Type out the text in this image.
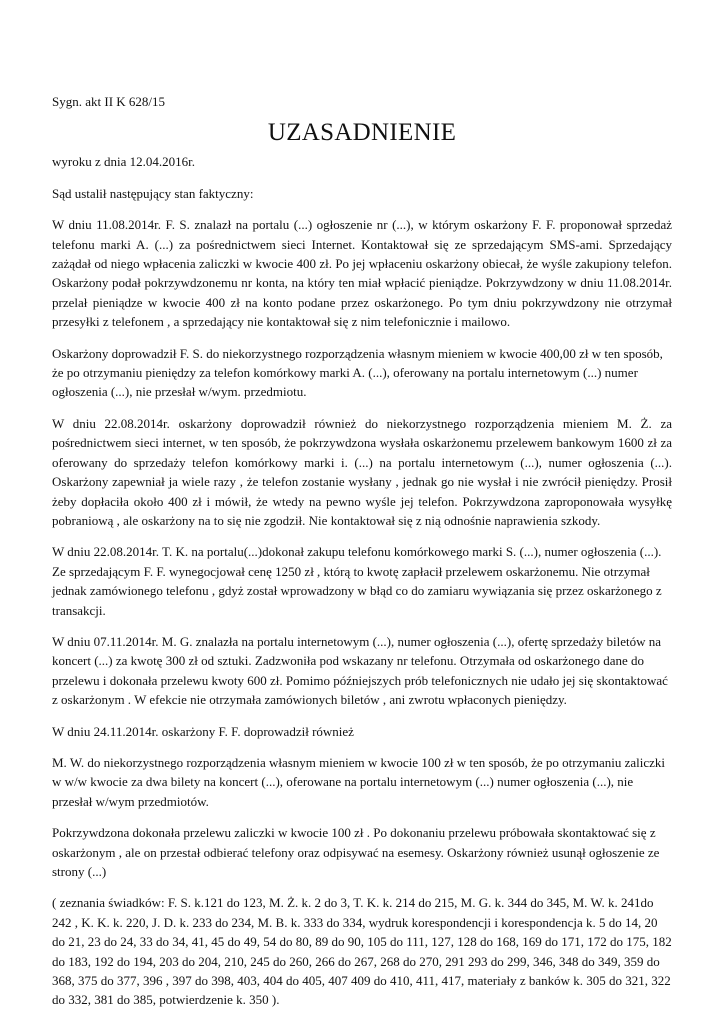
Sygn. akt II K 628/15
UZASADNIENIE
wyroku z dnia 12.04.2016r.

Sąd ustalił następujący stan faktyczny:

W dniu 11.08.2014r. F. S. znalazł na portalu (...) ogłoszenie nr (...), w którym oskarżony F. F. proponował sprzedaż telefonu marki A. (...) za pośrednictwem sieci Internet. Kontaktował się ze sprzedającym SMS-ami. Sprzedający zażądał od niego wpłacenia zaliczki w kwocie 400 zł. Po jej wpłaceniu oskarżony obiecał, że wyśle zakupiony telefon. Oskarżony podał pokrzywdzonemu nr konta, na który ten miał wpłacić pieniądze. Pokrzywdzony w dniu 11.08.2014r. przelał pieniądze w kwocie 400 zł na konto podane przez oskarżonego. Po tym dniu pokrzywdzony nie otrzymał przesyłki z telefonem , a sprzedający nie kontaktował się z nim telefonicznie i mailowo.

Oskarżony doprowadził F. S. do niekorzystnego rozporządzenia własnym mieniem w kwocie 400,00 zł w ten sposób, że po otrzymaniu pieniędzy za telefon komórkowy marki A. (...), oferowany na portalu internetowym (...) numer ogłoszenia (...), nie przesłał w/wym. przedmiotu.

W dniu 22.08.2014r. oskarżony doprowadził również do niekorzystnego rozporządzenia mieniem M. Ż. za pośrednictwem sieci internet, w ten sposób, że pokrzywdzona wysłała oskarżonemu przelewem bankowym 1600 zł za oferowany do sprzedaży telefon komórkowy marki i. (...) na portalu internetowym (...), numer ogłoszenia (...). Oskarżony zapewniał ja wiele razy , że telefon zostanie wysłany , jednak go nie wysłał i nie zwrócił pieniędzy. Prosił żeby dopłaciła około 400 zł i mówił, że wtedy na pewno wyśle jej telefon. Pokrzywdzona zaproponowała wysyłkę pobraniową , ale oskarżony na to się nie zgodził. Nie kontaktował się z nią odnośnie naprawienia szkody.

W dniu 22.08.2014r. T. K. na portalu(...)dokonał zakupu telefonu komórkowego marki S. (...), numer ogłoszenia (...). Ze sprzedającym F. F. wynegocjował cenę 1250 zł , którą to kwotę zapłacił przelewem oskarżonemu. Nie otrzymał jednak zamówionego telefonu , gdyż został wprowadzony w błąd co do zamiaru wywiązania się przez oskarżonego z transakcji.

W dniu 07.11.2014r. M. G. znalazła na portalu internetowym (...), numer ogłoszenia (...), ofertę sprzedaży biletów na koncert (...) za kwotę 300 zł od sztuki. Zadzwoniła pod wskazany nr telefonu. Otrzymała od oskarżonego dane do przelewu i dokonała przelewu kwoty 600 zł. Pomimo późniejszych prób telefonicznych nie udało jej się skontaktować z oskarżonym . W efekcie nie otrzymała zamówionych biletów , ani zwrotu wpłaconych pieniędzy.

W dniu 24.11.2014r. oskarżony F. F. doprowadził również

M. W. do niekorzystnego rozporządzenia własnym mieniem w kwocie 100 zł w ten sposób, że po otrzymaniu zaliczki w w/w kwocie za dwa bilety na koncert (...), oferowane na portalu internetowym (...) numer ogłoszenia (...), nie przesłał w/wym przedmiotów.

Pokrzywdzona dokonała przelewu zaliczki w kwocie 100 zł . Po dokonaniu przelewu próbowała skontaktować się z oskarżonym , ale on przestał odbierać telefony oraz odpisywać na esemesy. Oskarżony również usunął ogłoszenie ze strony (...)

( zeznania świadków: F. S. k.121 do 123, M. Ż. k. 2 do 3, T. K. k. 214 do 215, M. G. k. 344 do 345, M. W. k. 241do 242 , K. K. k. 220, J. D. k. 233 do 234, M. B. k. 333 do 334, wydruk korespondencji i korespondencja k. 5 do 14, 20 do 21, 23 do 24, 33 do 34, 41, 45 do 49, 54 do 80, 89 do 90, 105 do 111, 127, 128 do 168, 169 do 171, 172 do 175, 182 do 183, 192 do 194, 203 do 204, 210, 245 do 260, 266 do 267, 268 do 270, 291 293 do 299, 346, 348 do 349, 359 do 368, 375 do 377, 396 , 397 do 398, 403, 404 do 405, 407 409 do 410, 411, 417, materiały z banków k. 305 do 321, 322 do 332, 381 do 385, potwierdzenie k. 350 ).
